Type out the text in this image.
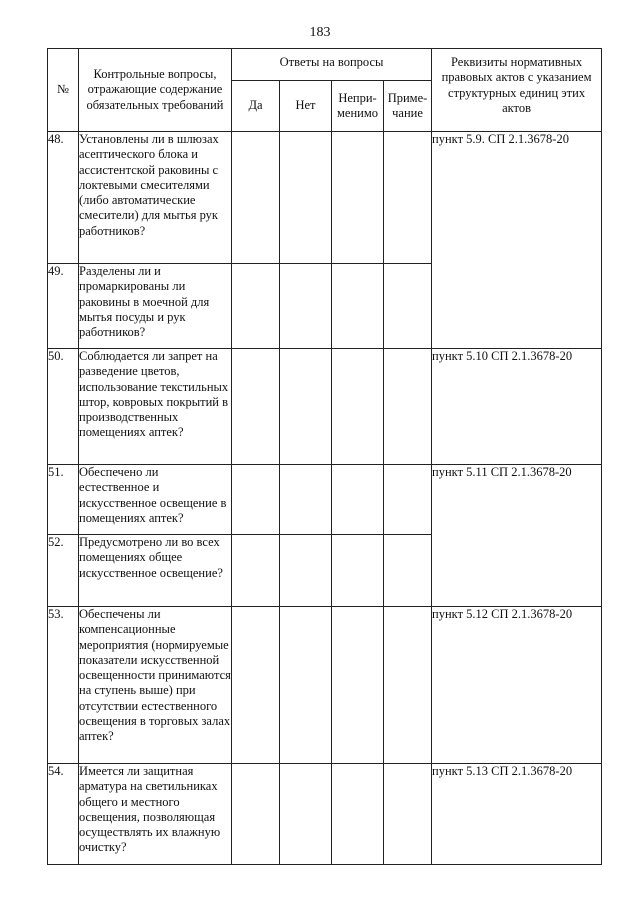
183
№	Контрольные вопросы, отражающие содержание обязательных требований	Ответы на вопросы				Реквизиты нормативных правовых актов с указанием структурных единиц этих актов
		Да	Нет	Непри-менимо	Приме-чание	
48.	Установлены ли в шлюзах асептического блока и ассистентской раковины с локтевыми смесителями (либо автоматические смесители) для мытья рук работников?					пункт 5.9. СП 2.1.3678-20
49.	Разделены ли и промаркированы ли раковины в моечной для мытья посуды и рук работников?					
50.	Соблюдается ли запрет на разведение цветов, использование текстильных штор, ковровых покрытий в производственных помещениях аптек?					пункт 5.10 СП 2.1.3678-20
51.	Обеспечено ли естественное и искусственное освещение в помещениях аптек?					пункт 5.11 СП 2.1.3678-20
52.	Предусмотрено ли во всех помещениях общее искусственное освещение?					
53.	Обеспечены ли компенсационные мероприятия (нормируемые показатели искусственной освещенности принимаются на ступень выше) при отсутствии естественного освещения в торговых залах аптек?					пункт 5.12 СП 2.1.3678-20
54.	Имеется ли защитная арматура на светильниках общего и местного освещения, позволяющая осуществлять их влажную очистку?					пункт 5.13 СП 2.1.3678-20
